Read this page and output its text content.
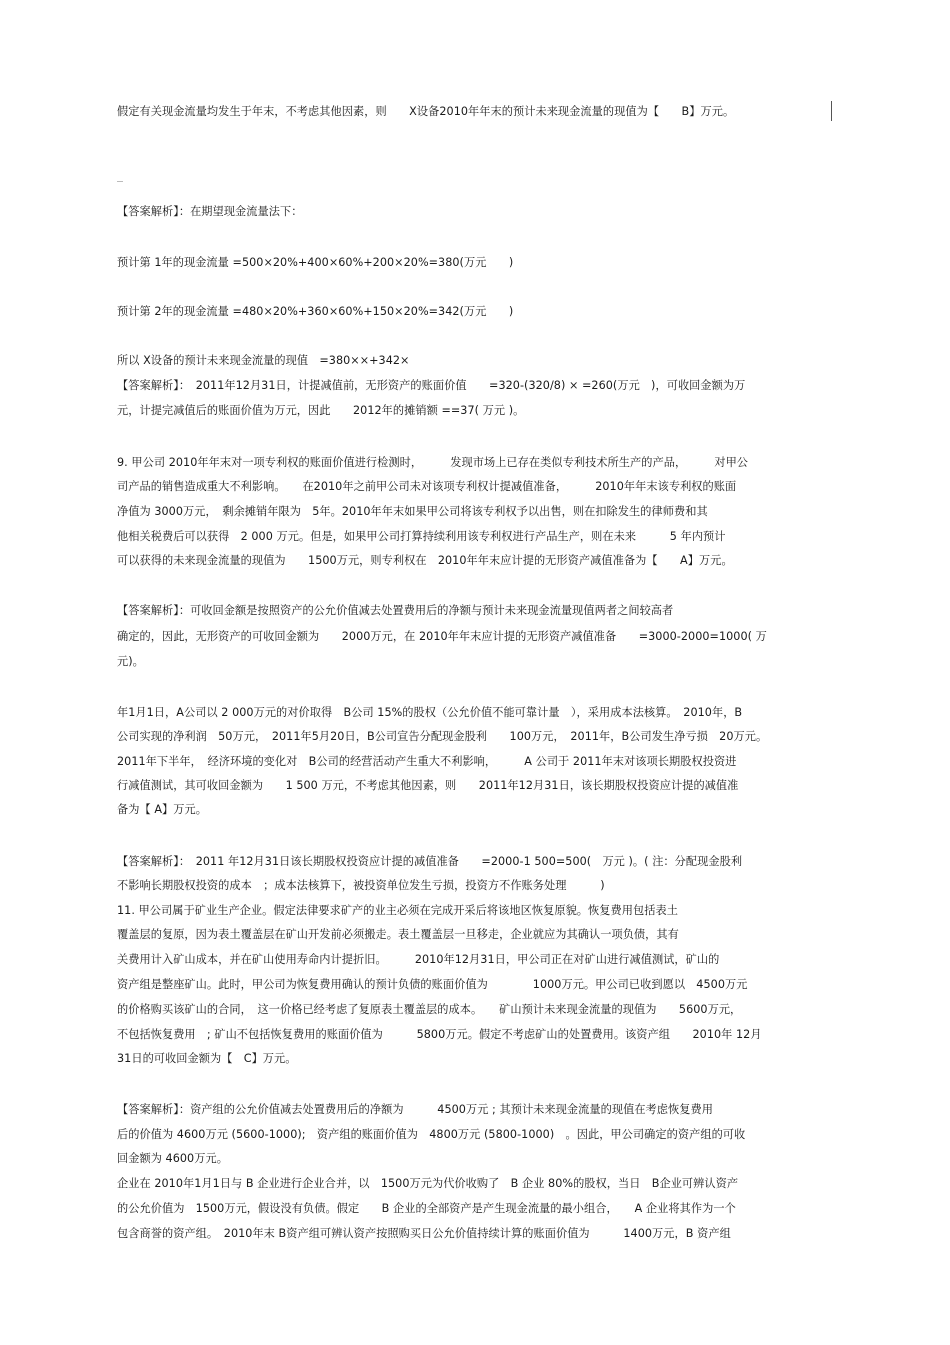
假定有关现金流量均发生于年末，不考虑其他因素，则　　X设备2010年年末的预计未来现金流量的现值为【　　B】万元。
【答案解析】：在期望现金流量法下：
预计第 1年的现金流量 =500×20%+400×60%+200×20%=380(万元　　)
预计第 2年的现金流量 =480×20%+360×60%+150×20%=342(万元　　)
所以 X设备的预计未来现金流量的现值　=380××+342×
【答案解析】：　2011年12月31日，计提减值前，无形资产的账面价值　　=320-(320/8) × =260(万元　)，可收回金额为万
元，计提完减值后的账面价值为万元，因此　　2012年的摊销额 ==37( 万元 )。
9. 甲公司 2010年年末对一项专利权的账面价值进行检测时，　　　发现市场上已存在类似专利技术所生产的产品，　　　对甲公
司产品的销售造成重大不利影响。　　在2010年之前甲公司未对该项专利权计提减值准备，　　　2010年年末该专利权的账面
净值为 3000万元，　剩余摊销年限为　5年。2010年年末如果甲公司将该专利权予以出售，则在扣除发生的律师费和其
他相关税费后可以获得　2 000 万元。但是，如果甲公司打算持续利用该专利权进行产品生产，则在未来　　　5 年内预计
可以获得的未来现金流量的现值为　　1500万元，则专利权在　2010年年末应计提的无形资产减值准备为【　　A】万元。
【答案解析】：可收回金额是按照资产的公允价值减去处置费用后的净额与预计未来现金流量现值两者之间较高者
确定的，因此，无形资产的可收回金额为　　2000万元，在 2010年年末应计提的无形资产减值准备　　=3000-2000=1000( 万
元)。
年1月1日，A公司以 2 000万元的对价取得　B公司 15%的股权（公允价值不能可靠计量　），采用成本法核算。　2010年，B
公司实现的净利润　50万元，　2011年5月20日，B公司宣告分配现金股利　　100万元，　2011年，B公司发生净亏损　20万元。
2011年下半年，　经济环境的变化对　B公司的经营活动产生重大不利影响，　　　A 公司于 2011年末对该项长期股权投资进
行减值测试，其可收回金额为　　1 500 万元，不考虑其他因素，则　　2011年12月31日，该长期股权投资应计提的减值准
备为【 A】万元。
【答案解析】：　2011 年12月31日该长期股权投资应计提的减值准备　　=2000-1 500=500(　万元 )。( 注：分配现金股利
不影响长期股权投资的成本　；成本法核算下，被投资单位发生亏损，投资方不作账务处理　　　)
11. 甲公司属于矿业生产企业。假定法律要求矿产的业主必须在完成开采后将该地区恢复原貌。恢复费用包括表土
覆盖层的复原，因为表土覆盖层在矿山开发前必须搬走。表土覆盖层一旦移走，企业就应为其确认一项负债，其有
关费用计入矿山成本，并在矿山使用寿命内计提折旧。　　　2010年12月31日，甲公司正在对矿山进行减值测试，矿山的
资产组是整座矿山。此时，甲公司为恢复费用确认的预计负债的账面价值为　　　　1000万元。甲公司已收到愿以　4500万元
的价格购买该矿山的合同，　这一价格已经考虑了复原表土覆盖层的成本。　　矿山预计未来现金流量的现值为　　5600万元，
不包括恢复费用　; 矿山不包括恢复费用的账面价值为　　　5800万元。假定不考虑矿山的处置费用。该资产组　　2010年 12月
31日的可收回金额为【　C】万元。
【答案解析】：资产组的公允价值减去处置费用后的净额为　　　4500万元 ; 其预计未来现金流量的现值在考虑恢复费用
后的价值为 4600万元 (5600-1000);　资产组的账面价值为　4800万元 (5800-1000)　。因此，甲公司确定的资产组的可收
回金额为 4600万元。
企业在 2010年1月1日与 B 企业进行企业合并，以　1500万元为代价收购了　B 企业 80%的股权，当日　B企业可辨认资产
的公允价值为　1500万元，假设没有负债。假定　　B 企业的全部资产是产生现金流量的最小组合，　　A 企业将其作为一个
包含商誉的资产组。　2010年末 B资产组可辨认资产按照购买日公允价值持续计算的账面价值为　　　1400万元，B 资产组
